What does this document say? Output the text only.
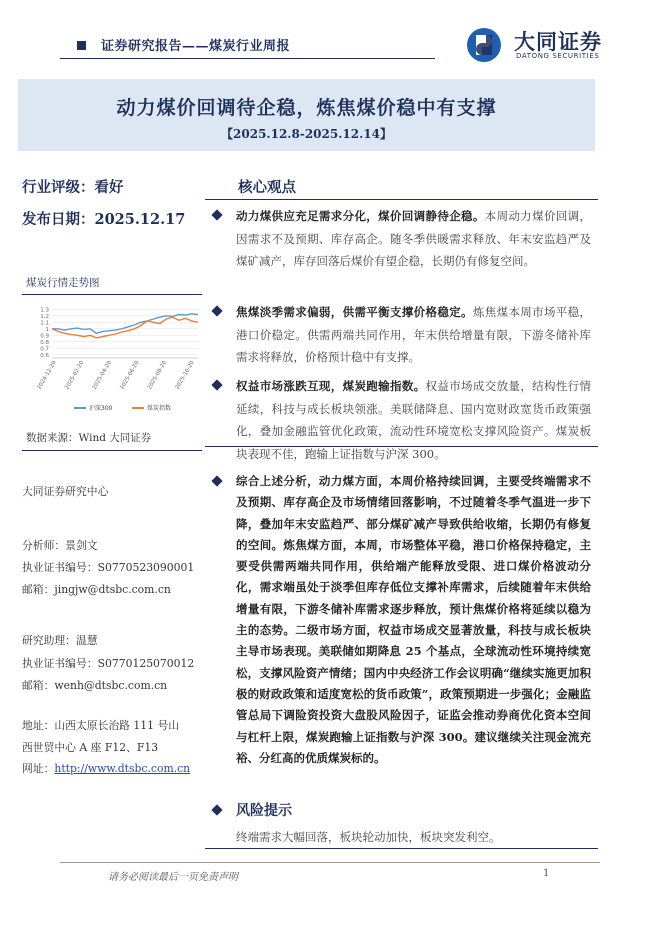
证券研究报告——煤炭行业周报	大同证券
DATONG SECURITIES
动力煤价回调待企稳，炼焦煤价稳中有支撑
【2025.12.8-2025.12.14】
行业评级：看好
发布日期：2025.12.17
煤炭行情走势图
1.3
1.2
1.1
1
0.9
0.8
0.7
0.6
2024-12-20 2025-02-20 2025-04-20 2025-06-20 2025-08-20 2025-10-20
沪深300	煤炭指数
数据来源：Wind 大同证券
大同证券研究中心
分析师：景剑文
执业证书编号：S0770523090001
邮箱：jingjw@dtsbc.com.cn
研究助理：温慧
执业证书编号：S0770125070012
邮箱：wenh@dtsbc.com.cn
地址：山西太原长治路 111 号山
西世贸中心 A 座 F12、F13
网址：http://www.dtsbc.com.cn
核心观点
动力煤供应充足需求分化，煤价回调静待企稳。本周动力煤价回调，因需求不及预期、库存高企。随冬季供暖需求释放、年末安监趋严及煤矿减产，库存回落后煤价有望企稳，长期仍有修复空间。
焦煤淡季需求偏弱，供需平衡支撑价格稳定。炼焦煤本周市场平稳，港口价稳定。供需两端共同作用，年末供给增量有限，下游冬储补库需求将释放，价格预计稳中有支撑。
权益市场涨跌互现，煤炭跑输指数。权益市场成交放量，结构性行情延续，科技与成长板块领涨。美联储降息、国内宽财政宽货币政策强化，叠加金融监管优化政策，流动性环境宽松支撑风险资产。煤炭板块表现不佳，跑输上证指数与沪深 300。
综合上述分析，动力煤方面，本周价格持续回调，主要受终端需求不及预期、库存高企及市场情绪回落影响，不过随着冬季气温进一步下降，叠加年末安监趋严、部分煤矿减产导致供给收缩，长期仍有修复的空间。炼焦煤方面，本周，市场整体平稳，港口价格保持稳定，主要受供需两端共同作用，供给端产能释放受限、进口煤价格波动分化，需求端虽处于淡季但库存低位支撑补库需求，后续随着年末供给增量有限，下游冬储补库需求逐步释放，预计焦煤价格将延续以稳为主的态势。二级市场方面，权益市场成交显著放量，科技与成长板块主导市场表现。美联储如期降息 25 个基点，全球流动性环境持续宽松，支撑风险资产情绪；国内中央经济工作会议明确“继续实施更加积极的财政政策和适度宽松的货币政策”，政策预期进一步强化；金融监管总局下调险资投资大盘股风险因子，证监会推动券商优化资本空间与杠杆上限，煤炭跑输上证指数与沪深 300。建议继续关注现金流充裕、分红高的优质煤炭标的。
风险提示
终端需求大幅回落，板块轮动加快，板块突发利空。
请务必阅读最后一页免责声明	1
